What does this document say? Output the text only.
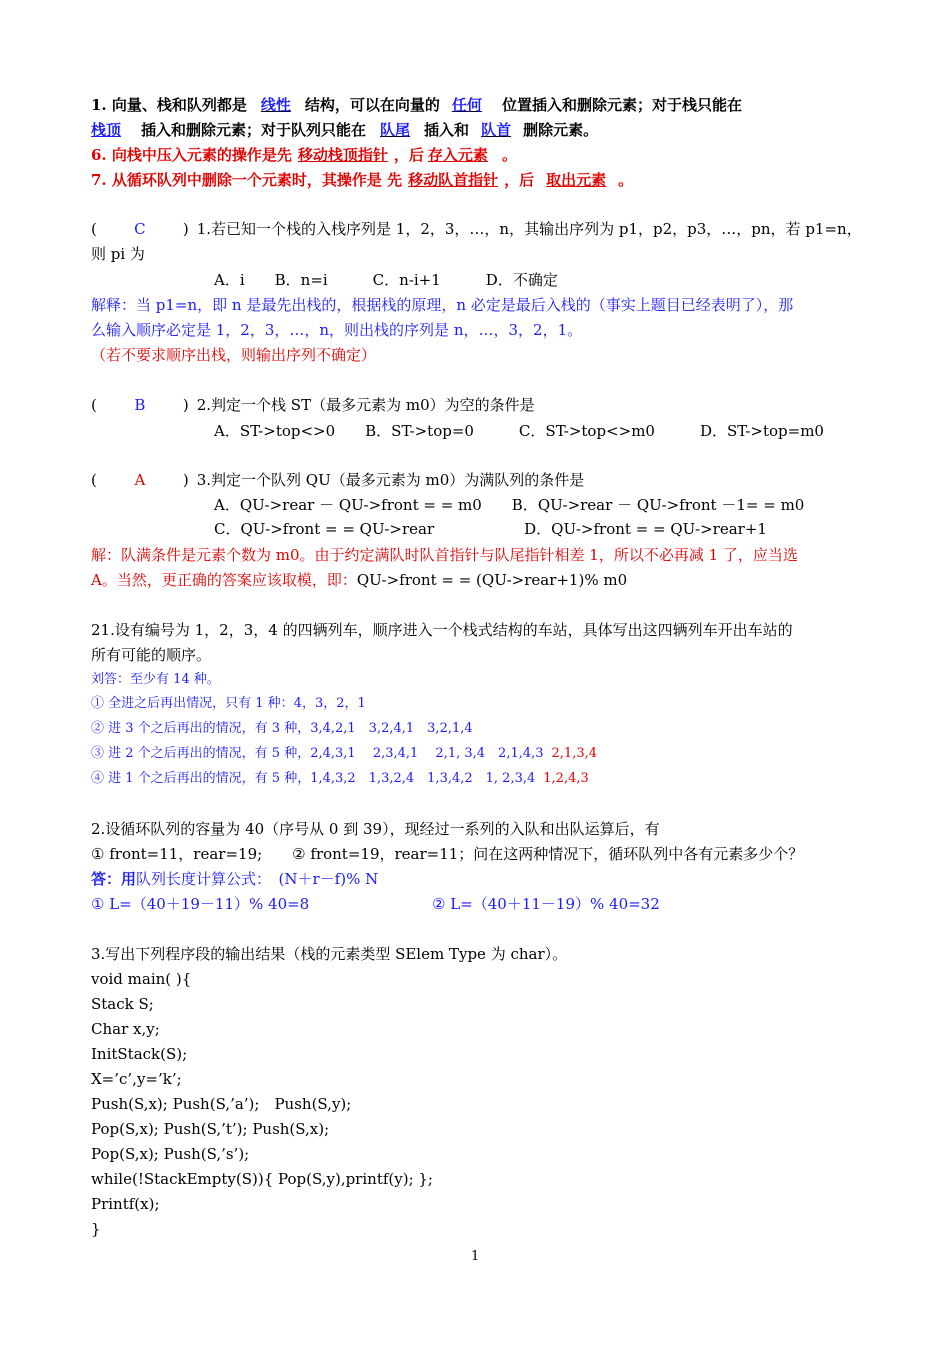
1. 向量、栈和队列都是 线性 结构，可以在向量的 任何 位置插入和删除元素；对于栈只能在
栈顶 插入和删除元素；对于队列只能在 队尾 插入和 队首 删除元素。
6. 向栈中压入元素的操作是先 移动栈顶指针 ，后 存入元素 。
7. 从循环队列中删除一个元素时，其操作是 先 移动队首指针 ，后 取出元素 。
( C ) 1.若已知一个栈的入栈序列是 1，2，3，…，n，其输出序列为 p1，p2，p3，…，pn，若 p1=n，
则 pi 为
A．i　　B．n=i　　　C．n-i+1　　　D．不确定
解释：当 p1=n，即 n 是最先出栈的，根据栈的原理，n 必定是最后入栈的（事实上题目已经表明了），那
么输入顺序必定是 1，2，3，…，n，则出栈的序列是 n，…，3，2，1。
（若不要求顺序出栈，则输出序列不确定）
( B ) 2.判定一个栈 ST（最多元素为 m0）为空的条件是
A．ST->top<>0　　B．ST->top=0　　　C．ST->top<>m0　　　D．ST->top=m0
(	A	) 3.判定一个队列 QU（最多元素为 m0）为满队列的条件是
A．QU->rear － QU->front = = m0　　B．QU->rear － QU->front －1= = m0
C．QU->front = = QU->rear　　　　　　D．QU->front = = QU->rear+1
解：队满条件是元素个数为 m0。由于约定满队时队首指针与队尾指针相差 1，所以不必再减 1 了，应当选
A。当然，更正确的答案应该取模，即：QU->front = = (QU->rear+1)% m0
21.设有编号为 1，2，3，4 的四辆列车，顺序进入一个栈式结构的车站，具体写出这四辆列车开出车站的
所有可能的顺序。
刘答：至少有 14 种。
① 全进之后再出情况，只有 1 种：4，3，2，1
② 进 3 个之后再出的情况，有 3 种，3,4,2,1　3,2,4,1　3,2,1,4
③ 进 2 个之后再出的情况，有 5 种，2,4,3,1　 2,3,4,1　 2,1, 3,4　2,1,4,3 2,1,3,4
④ 进 1 个之后再出的情况，有 5 种，1,4,3,2　1,3,2,4　1,3,4,2　1, 2,3,4 1,2,4,3
2.设循环队列的容量为 40（序号从 0 到 39），现经过一系列的入队和出队运算后，有
① front=11，rear=19;　　② front=19，rear=11；问在这两种情况下，循环队列中各有元素多少个？
答：用队列长度计算公式：　(N＋r－f)% N
① L=（40＋19－11）% 40=8	② L=（40＋11－19）% 40=32
3.写出下列程序段的输出结果（栈的元素类型 SElem Type 为 char）。
void main( ){
Stack S;
Char x,y;
InitStack(S);
X=’c’,y=’k’;
Push(S,x); Push(S,’a’);　Push(S,y);
Pop(S,x); Push(S,’t’); Push(S,x);
Pop(S,x); Push(S,’s’);
while(!StackEmpty(S)){ Pop(S,y),printf(y); };
Printf(x);
}
1
